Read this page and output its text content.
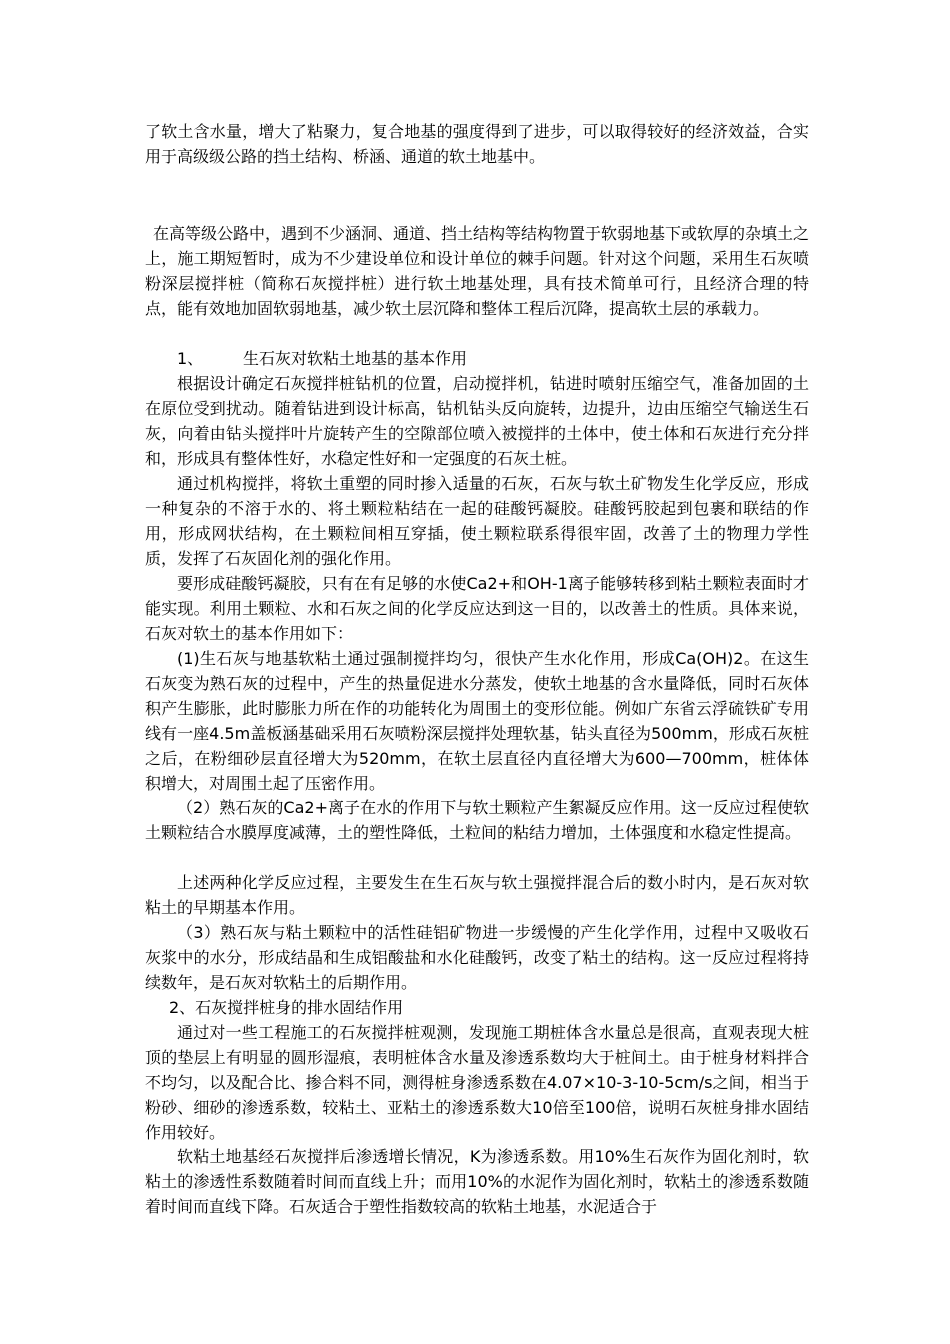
了软土含水量，增大了粘聚力，复合地基的强度得到了进步，可以取得较好的经济效益，合实用于高级级公路的挡土结构、桥涵、通道的软土地基中。

在高等级公路中，遇到不少涵洞、通道、挡土结构等结构物置于软弱地基下或软厚的杂填土之上，施工期短暂时，成为不少建设单位和设计单位的棘手问题。针对这个问题，采用生石灰喷粉深层搅拌桩（简称石灰搅拌桩）进行软土地基处理，具有技术简单可行，且经济合理的特点，能有效地加固软弱地基，减少软土层沉降和整体工程后沉降，提高软土层的承载力。

1、 生石灰对软粘土地基的基本作用

根据设计确定石灰搅拌桩钻机的位置，启动搅拌机，钻进时喷射压缩空气，准备加固的土在原位受到扰动。随着钻进到设计标高，钻机钻头反向旋转，边提升，边由压缩空气输送生石灰，向着由钻头搅拌叶片旋转产生的空隙部位喷入被搅拌的土体中，使土体和石灰进行充分拌和，形成具有整体性好，水稳定性好和一定强度的石灰土桩。

通过机构搅拌，将软土重塑的同时掺入适量的石灰，石灰与软土矿物发生化学反应，形成一种复杂的不溶于水的、将土颗粒粘结在一起的硅酸钙凝胶。硅酸钙胶起到包裹和联结的作用，形成网状结构，在土颗粒间相互穿插，使土颗粒联系得很牢固，改善了土的物理力学性质，发挥了石灰固化剂的强化作用。

要形成硅酸钙凝胶，只有在有足够的水使Ca2+和OH-1离子能够转移到粘土颗粒表面时才能实现。利用土颗粒、水和石灰之间的化学反应达到这一目的，以改善土的性质。具体来说，石灰对软土的基本作用如下：

(1)生石灰与地基软粘土通过强制搅拌均匀，很快产生水化作用，形成Ca(OH)2。在这生石灰变为熟石灰的过程中，产生的热量促进水分蒸发，使软土地基的含水量降低，同时石灰体积产生膨胀，此时膨胀力所在作的功能转化为周围土的变形位能。例如广东省云浮硫铁矿专用线有一座4.5m盖板涵基础采用石灰喷粉深层搅拌处理软基，钻头直径为500mm，形成石灰桩之后，在粉细砂层直径增大为520mm，在软土层直径内直径增大为600—700mm，桩体体积增大，对周围土起了压密作用。

（2）熟石灰的Ca2+离子在水的作用下与软土颗粒产生絮凝反应作用。这一反应过程使软土颗粒结合水膜厚度减薄，土的塑性降低，土粒间的粘结力增加，土体强度和水稳定性提高。

上述两种化学反应过程，主要发生在生石灰与软土强搅拌混合后的数小时内，是石灰对软粘土的早期基本作用。

（3）熟石灰与粘土颗粒中的活性硅铝矿物进一步缓慢的产生化学作用，过程中又吸收石灰浆中的水分，形成结晶和生成铝酸盐和水化硅酸钙，改变了粘土的结构。这一反应过程将持续数年，是石灰对软粘土的后期作用。

2、石灰搅拌桩身的排水固结作用

通过对一些工程施工的石灰搅拌桩观测，发现施工期桩体含水量总是很高，直观表现大桩顶的垫层上有明显的圆形湿痕，表明桩体含水量及渗透系数均大于桩间土。由于桩身材料拌合不均匀，以及配合比、掺合料不同，测得桩身渗透系数在4.07×10-3-10-5cm/s之间，相当于粉砂、细砂的渗透系数，较粘土、亚粘土的渗透系数大10倍至100倍，说明石灰桩身排水固结作用较好。

软粘土地基经石灰搅拌后渗透增长情况，K为渗透系数。用10%生石灰作为固化剂时，软粘土的渗透性系数随着时间而直线上升；而用10%的水泥作为固化剂时，软粘土的渗透系数随着时间而直线下降。石灰适合于塑性指数较高的软粘土地基，水泥适合于
